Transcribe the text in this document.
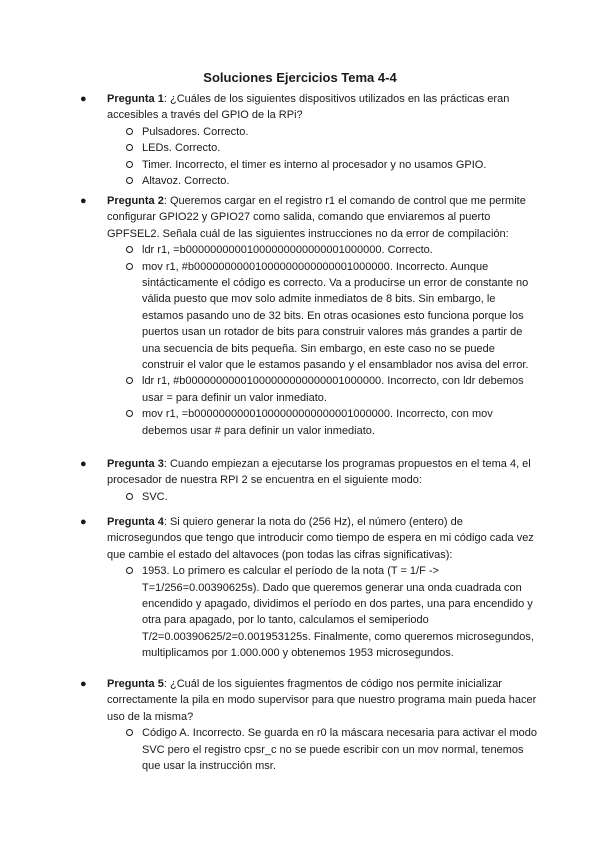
Soluciones Ejercicios Tema 4-4
● Pregunta 1: ¿Cuáles de los siguientes dispositivos utilizados en las prácticas eran accesibles a través del GPIO de la RPi?
Pulsadores. Correcto.
LEDs. Correcto.
Timer. Incorrecto, el timer es interno al procesador y no usamos GPIO.
Altavoz. Correcto.
● Pregunta 2: Queremos cargar en el registro r1 el comando de control que me permite configurar GPIO22 y GPIO27 como salida, comando que enviaremos al puerto GPFSEL2. Señala cuál de las siguientes instrucciones no da error de compilación:
ldr r1, =b00000000001000000000000001000000. Correcto.
mov r1, #b00000000001000000000000001000000. Incorrecto. Aunque sintácticamente el código es correcto. Va a producirse un error de constante no válida puesto que mov solo admite inmediatos de 8 bits. Sin embargo, le estamos pasando uno de 32 bits. En otras ocasiones esto funciona porque los puertos usan un rotador de bits para construir valores más grandes a partir de una secuencia de bits pequeña. Sin embargo, en este caso no se puede construir el valor que le estamos pasando y el ensamblador nos avisa del error.
ldr r1, #b00000000001000000000000001000000. Incorrecto, con ldr debemos usar = para definir un valor inmediato.
mov r1, =b00000000001000000000000001000000. Incorrecto, con mov debemos usar # para definir un valor inmediato.
● Pregunta 3: Cuando empiezan a ejecutarse los programas propuestos en el tema 4, el procesador de nuestra RPI 2 se encuentra en el siguiente modo:
SVC.
● Pregunta 4: Si quiero generar la nota do (256 Hz), el número (entero) de microsegundos que tengo que introducir como tiempo de espera en mi código cada vez que cambie el estado del altavoces (pon todas las cifras significativas):
1953. Lo primero es calcular el período de la nota (T = 1/F -> T=1/256=0.00390625s). Dado que queremos generar una onda cuadrada con encendido y apagado, dividimos el período en dos partes, una para encendido y otra para apagado, por lo tanto, calculamos el semiperiodo T/2=0.00390625/2=0.001953125s. Finalmente, como queremos microsegundos, multiplicamos por 1.000.000 y obtenemos 1953 microsegundos.
● Pregunta 5: ¿Cuál de los siguientes fragmentos de código nos permite inicializar correctamente la pila en modo supervisor para que nuestro programa main pueda hacer uso de la misma?
Código A. Incorrecto. Se guarda en r0 la máscara necesaria para activar el modo SVC pero el registro cpsr_c no se puede escribir con un mov normal, tenemos que usar la instrucción msr.
